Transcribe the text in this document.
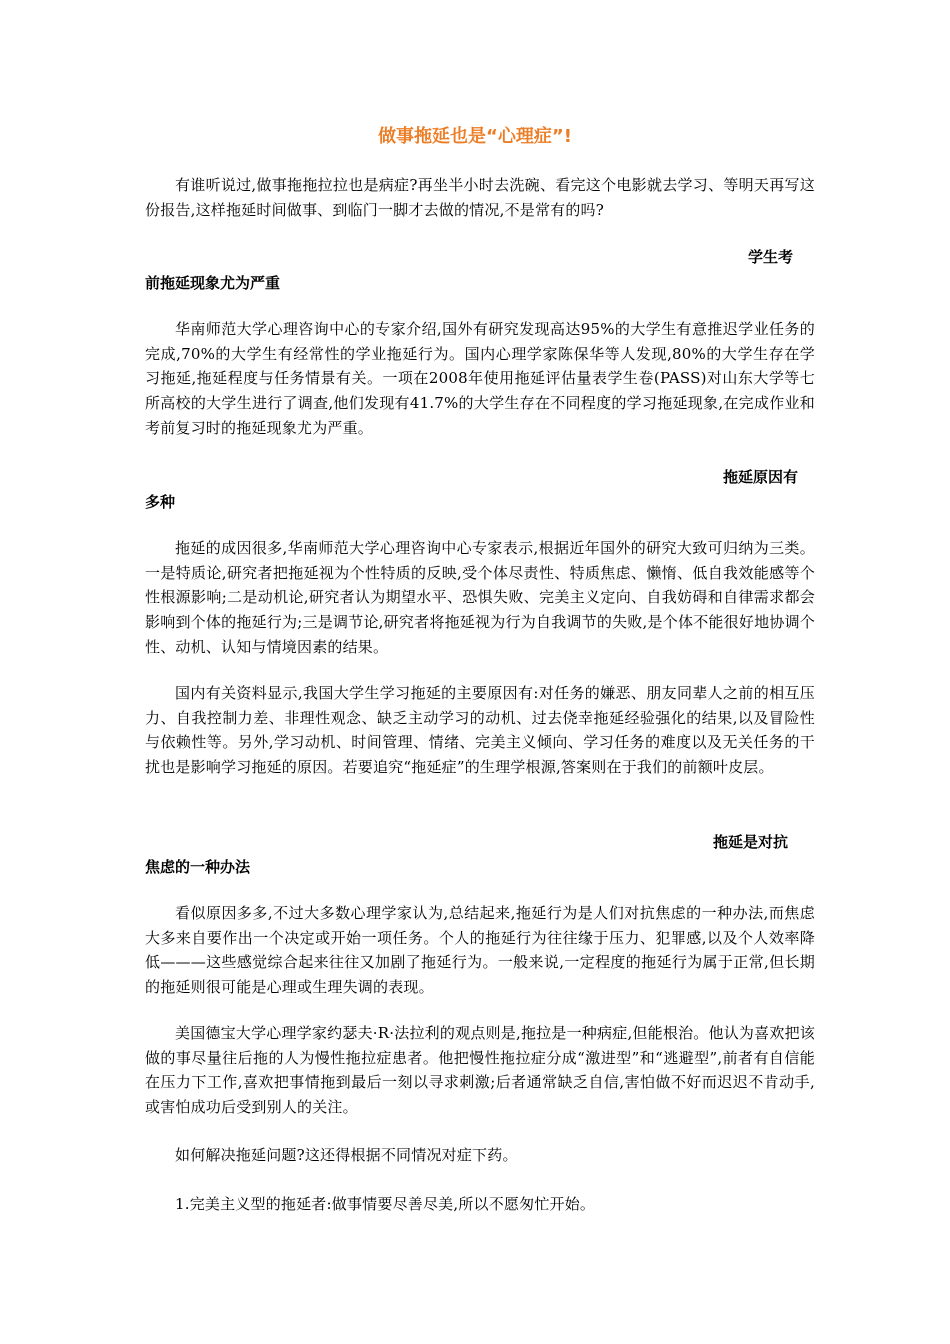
做事拖延也是“心理症”!

有谁听说过,做事拖拖拉拉也是病症?再坐半小时去洗碗、看完这个电影就去学习、等明天再写这份报告,这样拖延时间做事、到临门一脚才去做的情况,不是常有的吗?

学生考
前拖延现象尤为严重

华南师范大学心理咨询中心的专家介绍,国外有研究发现高达95%的大学生有意推迟学业任务的完成,70%的大学生有经常性的学业拖延行为。国内心理学家陈保华等人发现,80%的大学生存在学习拖延,拖延程度与任务情景有关。一项在2008年使用拖延评估量表学生卷(PASS)对山东大学等七所高校的大学生进行了调查,他们发现有41.7%的大学生存在不同程度的学习拖延现象,在完成作业和考前复习时的拖延现象尤为严重。

拖延原因有
多种

拖延的成因很多,华南师范大学心理咨询中心专家表示,根据近年国外的研究大致可归纳为三类。一是特质论,研究者把拖延视为个性特质的反映,受个体尽责性、特质焦虑、懒惰、低自我效能感等个性根源影响;二是动机论,研究者认为期望水平、恐惧失败、完美主义定向、自我妨碍和自律需求都会影响到个体的拖延行为;三是调节论,研究者将拖延视为行为自我调节的失败,是个体不能很好地协调个性、动机、认知与情境因素的结果。

国内有关资料显示,我国大学生学习拖延的主要原因有:对任务的嫌恶、朋友同辈人之前的相互压力、自我控制力差、非理性观念、缺乏主动学习的动机、过去侥幸拖延经验强化的结果,以及冒险性与依赖性等。另外,学习动机、时间管理、情绪、完美主义倾向、学习任务的难度以及无关任务的干扰也是影响学习拖延的原因。若要追究“拖延症”的生理学根源,答案则在于我们的前额叶皮层。

拖延是对抗
焦虑的一种办法

看似原因多多,不过大多数心理学家认为,总结起来,拖延行为是人们对抗焦虑的一种办法,而焦虑大多来自要作出一个决定或开始一项任务。个人的拖延行为往往缘于压力、犯罪感,以及个人效率降低———这些感觉综合起来往往又加剧了拖延行为。一般来说,一定程度的拖延行为属于正常,但长期的拖延则很可能是心理或生理失调的表现。

美国德宝大学心理学家约瑟夫·R·法拉利的观点则是,拖拉是一种病症,但能根治。他认为喜欢把该做的事尽量往后拖的人为慢性拖拉症患者。他把慢性拖拉症分成“激进型”和“逃避型”,前者有自信能在压力下工作,喜欢把事情拖到最后一刻以寻求刺激;后者通常缺乏自信,害怕做不好而迟迟不肯动手,或害怕成功后受到别人的关注。

如何解决拖延问题?这还得根据不同情况对症下药。

1.完美主义型的拖延者:做事情要尽善尽美,所以不愿匆忙开始。
